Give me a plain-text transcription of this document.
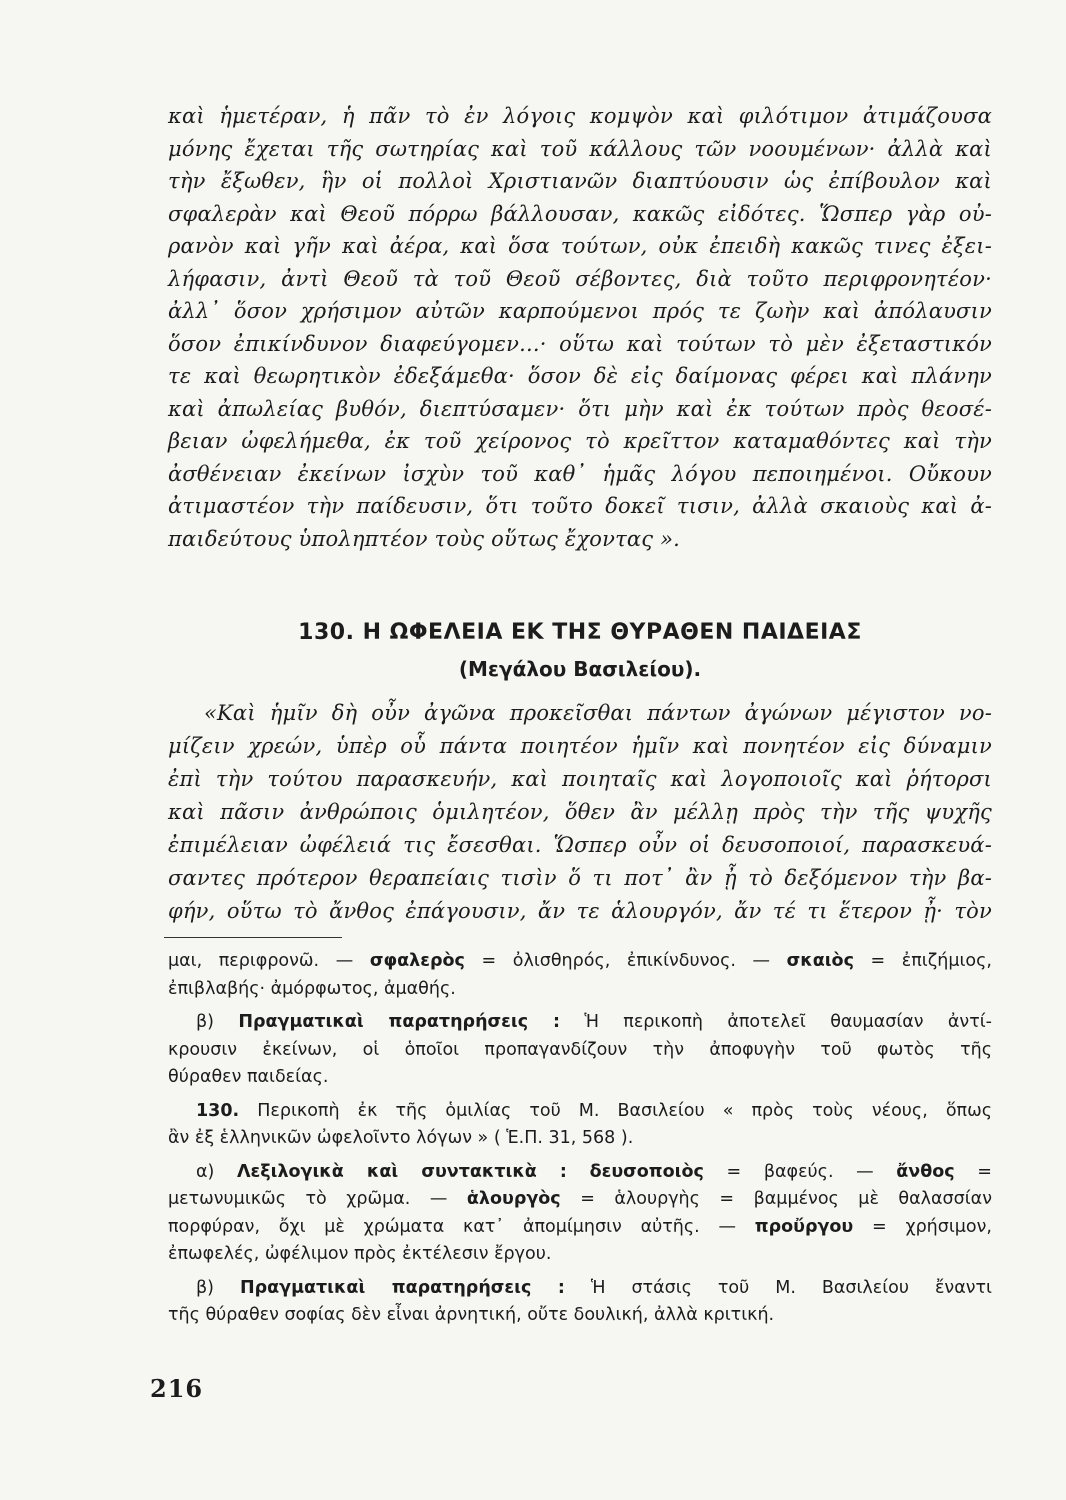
καὶ ἡμετέραν, ἡ πᾶν τὸ ἐν λόγοις κομψὸν καὶ φιλότιμον ἀτιμάζουσα
μόνης ἔχεται τῆς σωτηρίας καὶ τοῦ κάλλους τῶν νοουμένων· ἀλλὰ καὶ
τὴν ἔξωθεν, ἣν οἱ πολλοὶ Χριστιανῶν διαπτύουσιν ὡς ἐπίβουλον καὶ
σφαλερὰν καὶ Θεοῦ πόρρω βάλλουσαν, κακῶς εἰδότες. Ὥσπερ γὰρ οὐ-
ρανὸν καὶ γῆν καὶ ἀέρα, καὶ ὅσα τούτων, οὐκ ἐπειδὴ κακῶς τινες ἐξει-
λήφασιν, ἀντὶ Θεοῦ τὰ τοῦ Θεοῦ σέβοντες, διὰ τοῦτο περιφρονητέον·
ἀλλ᾽ ὅσον χρήσιμον αὐτῶν καρπούμενοι πρός τε ζωὴν καὶ ἀπόλαυσιν
ὅσον ἐπικίνδυνον διαφεύγομεν...· οὕτω καὶ τούτων τὸ μὲν ἐξεταστικόν
τε καὶ θεωρητικὸν ἐδεξάμεθα· ὅσον δὲ εἰς δαίμονας φέρει καὶ πλάνην
καὶ ἀπωλείας βυθόν, διεπτύσαμεν· ὅτι μὴν καὶ ἐκ τούτων πρὸς θεοσέ-
βειαν ὠφελήμεθα, ἐκ τοῦ χείρονος τὸ κρεῖττον καταμαθόντες καὶ τὴν
ἀσθένειαν ἐκείνων ἰσχὺν τοῦ καθ᾽ ἡμᾶς λόγου πεποιημένοι. Οὔκουν
ἀτιμαστέον τὴν παίδευσιν, ὅτι τοῦτο δοκεῖ τισιν, ἀλλὰ σκαιοὺς καὶ ἀ-
παιδεύτους ὑποληπτέον τοὺς οὕτως ἔχοντας ».
130. Η ΩΦΕΛΕΙΑ ΕΚ ΤΗΣ ΘΥΡΑΘΕΝ ΠΑΙΔΕΙΑΣ
(Μεγάλου Βασιλείου).
«Καὶ ἡμῖν δὴ οὖν ἀγῶνα προκεῖσθαι πάντων ἀγώνων μέγιστον νο-
μίζειν χρεών, ὑπὲρ οὗ πάντα ποιητέον ἡμῖν καὶ πονητέον εἰς δύναμιν
ἐπὶ τὴν τούτου παρασκευήν, καὶ ποιηταῖς καὶ λογοποιοῖς καὶ ῥήτορσι
καὶ πᾶσιν ἀνθρώποις ὁμιλητέον, ὅθεν ἂν μέλλῃ πρὸς τὴν τῆς ψυχῆς
ἐπιμέλειαν ὠφέλειά τις ἔσεσθαι. Ὥσπερ οὖν οἱ δευσοποιοί, παρασκευά-
σαντες πρότερον θεραπείαις τισὶν ὅ τι ποτ᾽ ἂν ᾖ τὸ δεξόμενον τὴν βα-
φήν, οὕτω τὸ ἄνθος ἐπάγουσιν, ἄν τε ἁλουργόν, ἄν τέ τι ἕτερον ᾖ· τὸν
μαι, περιφρονῶ. — σφαλερὸς = ὀλισθηρός, ἐπικίνδυνος. — σκαιὸς = ἐπιζήμιος,
ἐπιβλαβής· ἀμόρφωτος, ἀμαθής.
β) Πραγματικαὶ παρατηρήσεις : Ἡ περικοπὴ ἀποτελεῖ θαυμασίαν ἀντί-
κρουσιν ἐκείνων, οἱ ὁποῖοι προπαγανδίζουν τὴν ἀποφυγὴν τοῦ φωτὸς τῆς
θύραθεν παιδείας.
130. Περικοπὴ ἐκ τῆς ὁμιλίας τοῦ Μ. Βασιλείου « πρὸς τοὺς νέους, ὅπως
ἂν ἐξ ἑλληνικῶν ὠφελοῖντο λόγων » ( Ἑ.Π. 31, 568 ).
α) Λεξιλογικὰ καὶ συντακτικὰ : δευσοποιὸς = βαφεύς. — ἄνθος =
μετωνυμικῶς τὸ χρῶμα. — ἁλουργὸς = ἁλουργὴς = βαμμένος μὲ θαλασσίαν
πορφύραν, ὄχι μὲ χρώματα κατ᾽ ἀπομίμησιν αὐτῆς. — προὔργου = χρήσιμον,
ἐπωφελές, ὠφέλιμον πρὸς ἐκτέλεσιν ἔργου.
β) Πραγματικαὶ παρατηρήσεις : Ἡ στάσις τοῦ Μ. Βασιλείου ἔναντι
τῆς θύραθεν σοφίας δὲν εἶναι ἀρνητική, οὔτε δουλική, ἀλλὰ κριτική.
216
